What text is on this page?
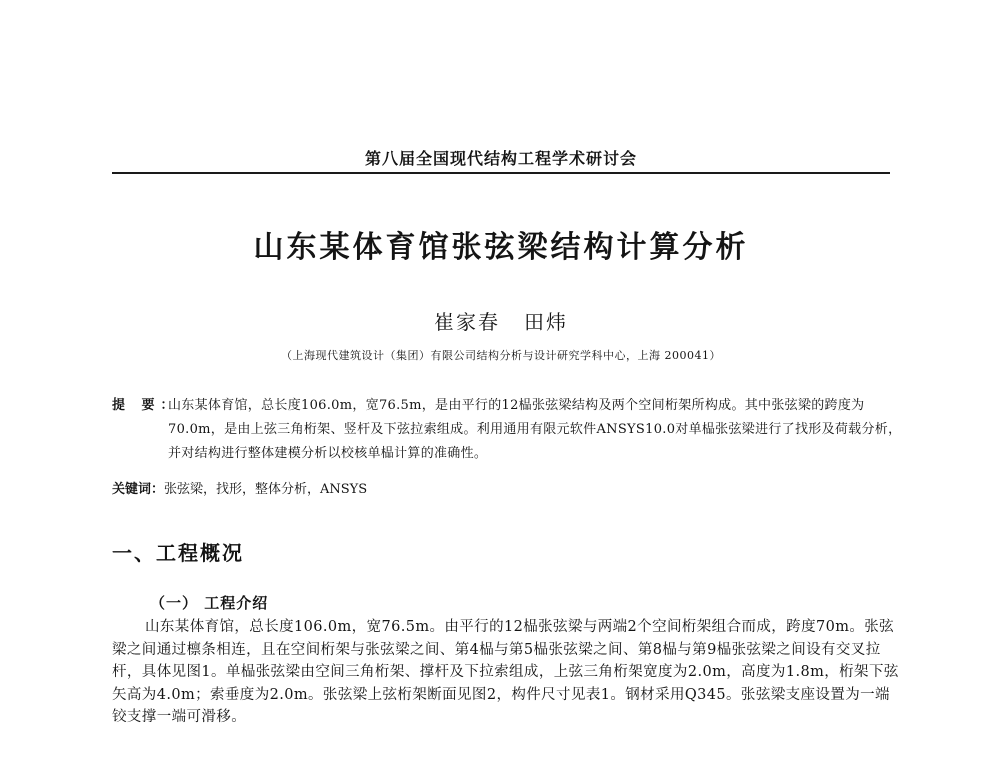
第八届全国现代结构工程学术研讨会
山东某体育馆张弦梁结构计算分析
崔家春 田炜
（上海现代建筑设计（集团）有限公司结构分析与设计研究学科中心，上海 200041）
提 要：
山东某体育馆，总长度106.0m，宽76.5m，是由平行的12榀张弦梁结构及两个空间桁架所构成。其中张弦梁的跨度为70.0m，是由上弦三角桁架、竖杆及下弦拉索组成。利用通用有限元软件ANSYS10.0对单榀张弦梁进行了找形及荷载分析，并对结构进行整体建模分析以校核单榀计算的准确性。
关键词：张弦梁，找形，整体分析，ANSYS
一、工程概况
（一） 工程介绍
山东某体育馆，总长度106.0m，宽76.5m。由平行的12榀张弦梁与两端2个空间桁架组合而成，跨度70m。张弦梁之间通过檩条相连，且在空间桁架与张弦梁之间、第4榀与第5榀张弦梁之间、第8榀与第9榀张弦梁之间设有交叉拉杆，具体见图1。单榀张弦梁由空间三角桁架、撑杆及下拉索组成，上弦三角桁架宽度为2.0m，高度为1.8m，桁架下弦矢高为4.0m；索垂度为2.0m。张弦梁上弦桁架断面见图2，构件尺寸见表1。钢材采用Q345。张弦梁支座设置为一端铰支撑一端可滑移。
